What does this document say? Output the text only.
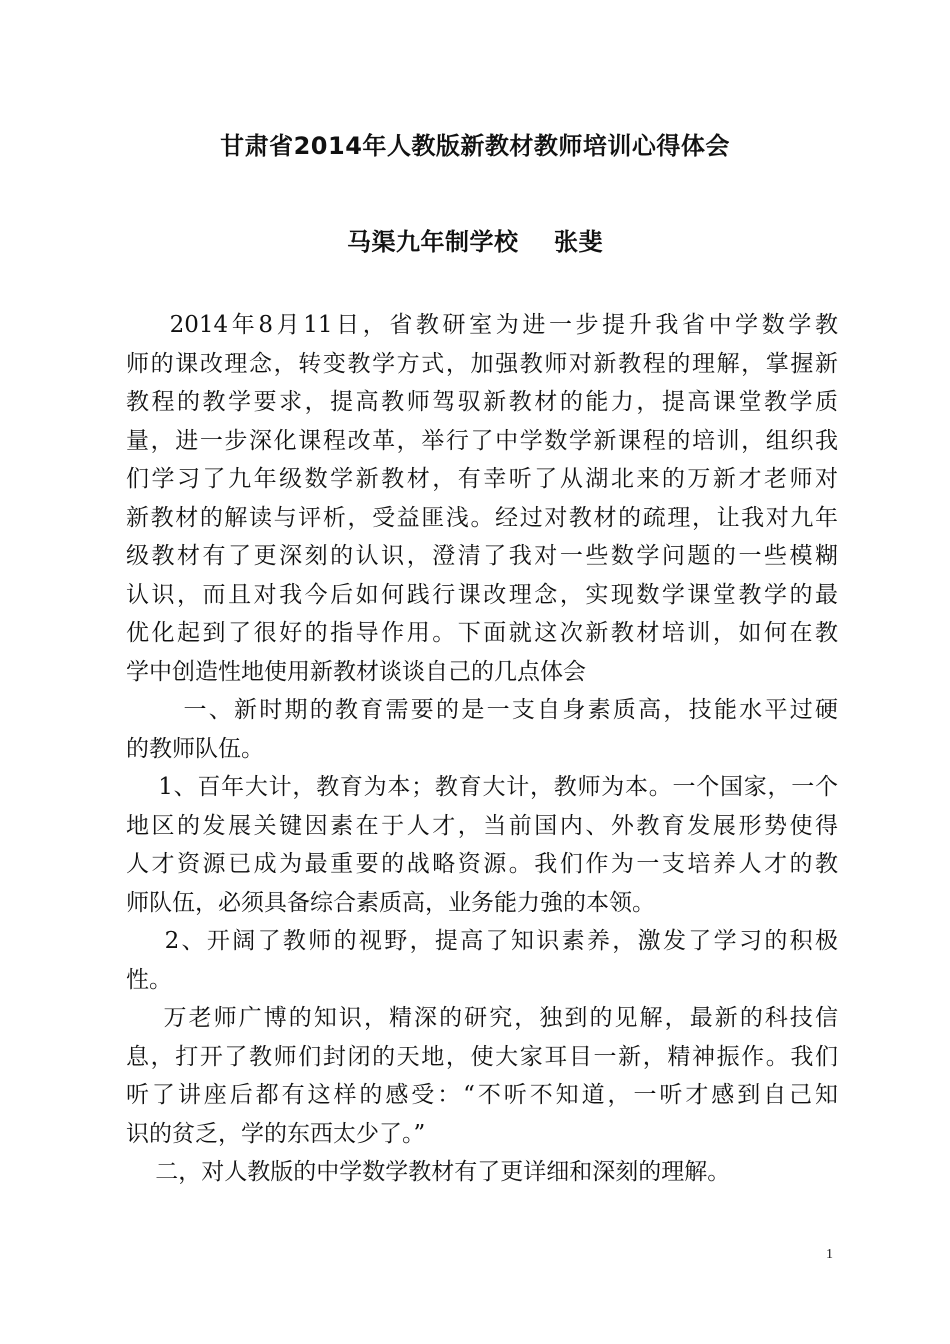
甘肃省2014年人教版新教材教师培训心得体会
马渠九年制学校    张斐
2014年8月11日，省教研室为进一步提升我省中学数学教
师的课改理念，转变教学方式，加强教师对新教程的理解，掌握新
教程的教学要求，提高教师驾驭新教材的能力，提高课堂教学质
量，进一步深化课程改革，举行了中学数学新课程的培训，组织我
们学习了九年级数学新教材，有幸听了从湖北来的万新才老师对
新教材的解读与评析，受益匪浅。经过对教材的疏理，让我对九年
级教材有了更深刻的认识，澄清了我对一些数学问题的一些模糊
认识，而且对我今后如何践行课改理念，实现数学课堂教学的最
优化起到了很好的指导作用。下面就这次新教材培训，如何在教
学中创造性地使用新教材谈谈自己的几点体会
一、新时期的教育需要的是一支自身素质高，技能水平过硬
的教师队伍。
1、百年大计，教育为本；教育大计，教师为本。一个国家，一个
地区的发展关键因素在于人才，当前国内、外教育发展形势使得
人才资源已成为最重要的战略资源。我们作为一支培养人才的教
师队伍，必须具备综合素质高，业务能力強的本领。
2、开阔了教师的视野，提高了知识素养，激发了学习的积极
性。
万老师广博的知识，精深的研究，独到的见解，最新的科技信
息，打开了教师们封闭的天地，使大家耳目一新，精神振作。我们
听了讲座后都有这样的感受：“不听不知道，一听才感到自己知
识的贫乏，学的东西太少了。”
二，对人教版的中学数学教材有了更详细和深刻的理解。
1
